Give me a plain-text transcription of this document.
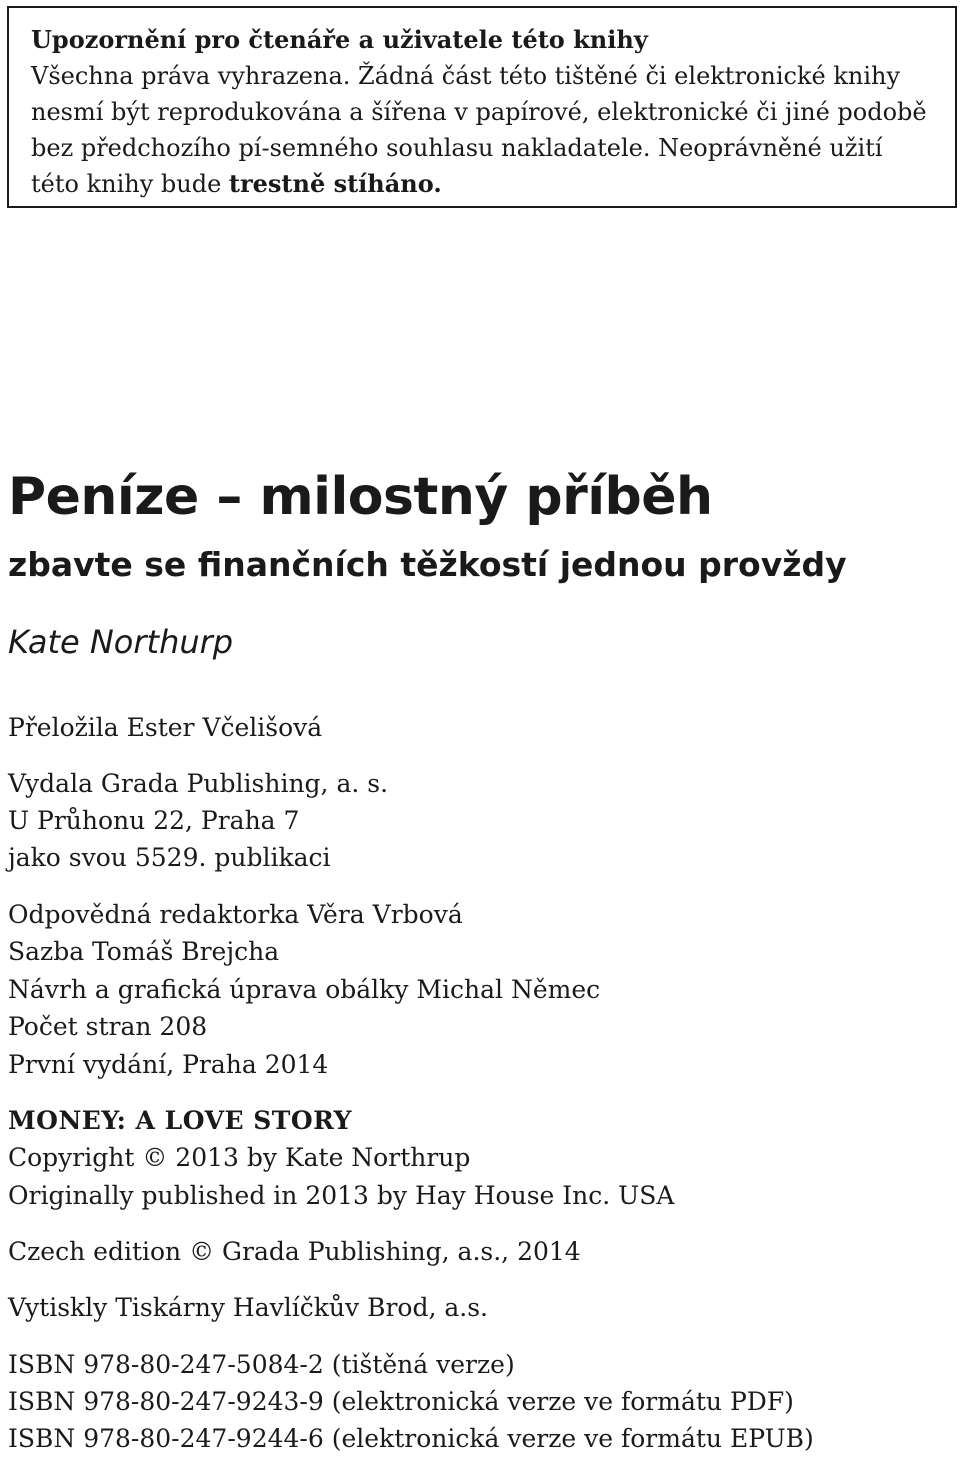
Upozornění pro čtenáře a uživatele této knihy
Všechna práva vyhrazena. Žádná část této tištěné či elektronické knihy nesmí být reprodukována a šířena v papírové, elektronické či jiné podobě bez předchozího pí-semného souhlasu nakladatele. Neoprávněné užití této knihy bude trestně stíháno.
Peníze – milostný příběh
zbavte se finančních těžkostí jednou provždy
Kate Northurp
Přeložila Ester Včelišová
Vydala Grada Publishing, a. s.
U Průhonu 22, Praha 7
jako svou 5529. publikaci
Odpovědná redaktorka Věra Vrbová
Sazba Tomáš Brejcha
Návrh a grafická úprava obálky Michal Němec
Počet stran 208
První vydání, Praha 2014
MONEY: A LOVE STORY
Copyright © 2013 by Kate Northrup
Originally published in 2013 by Hay House Inc. USA
Czech edition © Grada Publishing, a.s., 2014
Vytiskly Tiskárny Havlíčkův Brod, a.s.
ISBN 978-80-247-5084-2 (tištěná verze)
ISBN 978-80-247-9243-9 (elektronická verze ve formátu PDF)
ISBN 978-80-247-9244-6 (elektronická verze ve formátu EPUB)
